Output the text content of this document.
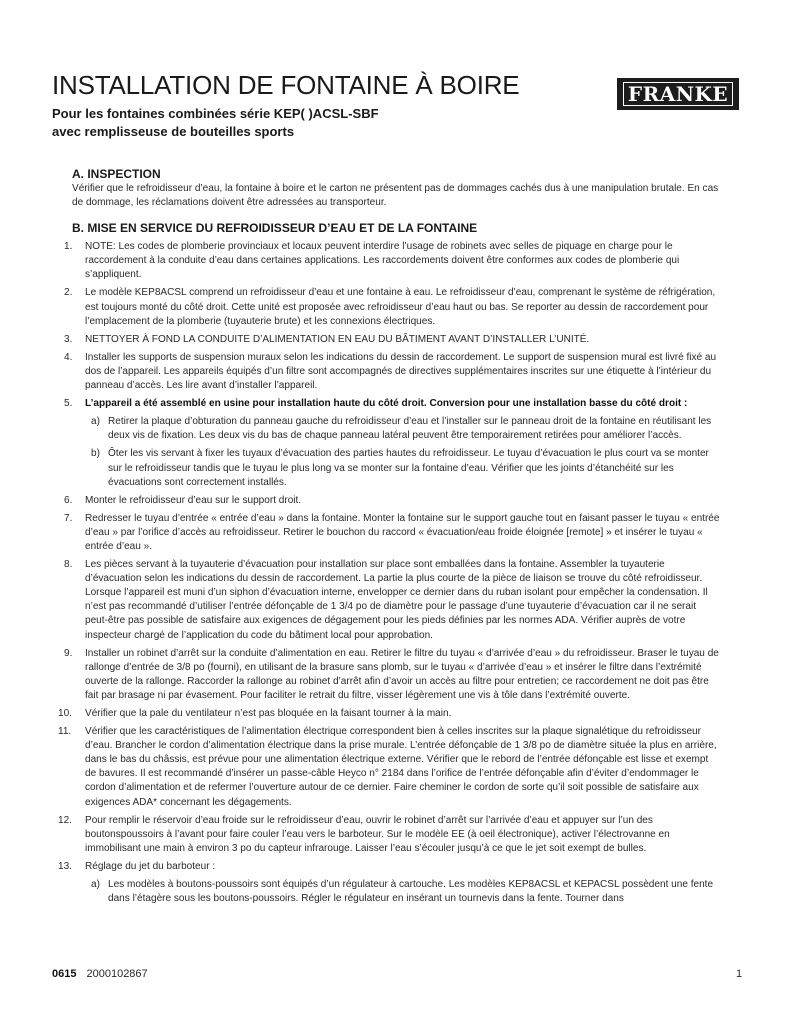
INSTALLATION DE FONTAINE À BOIRE
Pour les fontaines combinées série KEP( )ACSL-SBF
avec remplisseuse de bouteilles sports
FRANKE
A. INSPECTION

Vérifier que le refroidisseur d’eau, la fontaine à boire et le carton ne présentent pas de dommages cachés dus à une manipulation brutale. En cas de dommage, les réclamations doivent être adressées au transporteur.

B. MISE EN SERVICE DU REFROIDISSEUR D’EAU ET DE LA FONTAINE
1.	NOTE: Les codes de plomberie provinciaux et locaux peuvent interdire l’usage de robinets avec selles de piquage en charge pour le raccordement à la conduite d’eau dans certaines applications. Les raccordements doivent être conformes aux codes de plomberie qui s’appliquent.
2.	Le modèle KEP8ACSL comprend un refroidisseur d’eau et une fontaine à eau. Le refroidisseur d’eau, comprenant le système de réfrigération, est toujours monté du côté droit. Cette unité est proposée avec refroidisseur d’eau haut ou bas. Se reporter au dessin de raccordement pour l’emplacement de la plomberie (tuyauterie brute) et les connexions électriques.
3.	NETTOYER À FOND LA CONDUITE D’ALIMENTATION EN EAU DU BÂTIMENT AVANT D’INSTALLER L’UNITÉ.
4.	Installer les supports de suspension muraux selon les indications du dessin de raccordement. Le support de suspension mural est livré fixé au dos de l’appareil. Les appareils équipés d’un filtre sont accompagnés de directives supplémentaires inscrites sur une étiquette à l’intérieur du panneau d’accès. Les lire avant d’installer l’appareil.
5.	L’appareil a été assemblé en usine pour installation haute du côté droit. Conversion pour une installation basse du côté droit :
a) Retirer la plaque d’obturation du panneau gauche du refroidisseur d’eau et l’installer sur le panneau droit de la fontaine en réutilisant les deux vis de fixation. Les deux vis du bas de chaque panneau latéral peuvent être temporairement retirées pour améliorer l’accès.
b) Ôter les vis servant à fixer les tuyaux d’évacuation des parties hautes du refroidisseur. Le tuyau d’évacuation le plus court va se monter sur le refroidisseur tandis que le tuyau le plus long va se monter sur la fontaine d’eau. Vérifier que les joints d’étanchéité sur les évacuations sont correctement installés.
6.	Monter le refroidisseur d’eau sur le support droit.
7.	Redresser le tuyau d’entrée « entrée d’eau » dans la fontaine. Monter la fontaine sur le support gauche tout en faisant passer le tuyau « entrée d’eau » par l’orifice d’accès au refroidisseur. Retirer le bouchon du raccord « évacuation/eau froide éloignée [remote] » et insérer le tuyau « entrée d’eau ».
8.	Les pièces servant à la tuyauterie d’évacuation pour installation sur place sont emballées dans la fontaine. Assembler la tuyauterie d’évacuation selon les indications du dessin de raccordement. La partie la plus courte de la pièce de liaison se trouve du côté refroidisseur. Lorsque l’appareil est muni d’un siphon d’évacuation interne, envelopper ce dernier dans du ruban isolant pour empêcher la condensation. Il n’est pas recommandé d’utiliser l’entrée défonçable de 1 3/4 po de diamètre pour le passage d’une tuyauterie d’évacuation car il ne serait peut-être pas possible de satisfaire aux exigences de dégagement pour les pieds définies par les normes ADA. Vérifier auprès de votre inspecteur chargé de l’application du code du bâtiment local pour approbation.
9.	Installer un robinet d’arrêt sur la conduite d’alimentation en eau. Retirer le filtre du tuyau « d’arrivée d’eau » du refroidisseur. Braser le tuyau de rallonge d’entrée de 3/8 po (fourni), en utilisant de la brasure sans plomb, sur le tuyau « d’arrivée d’eau » et insérer le filtre dans l’extrémité ouverte de la rallonge. Raccorder la rallonge au robinet d’arrêt afin d’avoir un accès au filtre pour entretien; ce raccordement ne doit pas être fait par brasage ni par évasement. Pour faciliter le retrait du filtre, visser légèrement une vis à tôle dans l’extrémité ouverte.
10.	Vérifier que la pale du ventilateur n’est pas bloquée en la faisant tourner à la main.
11.	Vérifier que les caractéristiques de l’alimentation électrique correspondent bien à celles inscrites sur la plaque signalétique du refroidisseur d’eau. Brancher le cordon d’alimentation électrique dans la prise murale. L’entrée défonçable de 1 3/8 po de diamètre située la plus en arrière, dans le bas du châssis, est prévue pour une alimentation électrique externe. Vérifier que le rebord de l’entrée défonçable est lisse et exempt de bavures. Il est recommandé d’insérer un passe-câble Heyco n° 2184 dans l’orifice de l’entrée défonçable afin d’éviter d’endommager le cordon d’alimentation et de refermer l’ouverture autour de ce dernier. Faire cheminer le cordon de sorte qu’il soit possible de satisfaire aux exigences ADA* concernant les dégagements.
12.	Pour remplir le réservoir d’eau froide sur le refroidisseur d’eau, ouvrir le robinet d’arrêt sur l’arrivée d’eau et appuyer sur l’un des boutonspoussoirs à l’avant pour faire couler l’eau vers le barboteur. Sur le modèle EE (à oeil électronique), activer l’électrovanne en immobilisant une main à environ 3 po du capteur infrarouge. Laisser l’eau s’écouler jusqu’à ce que le jet soit exempt de bulles.
13.	Réglage du jet du barboteur :
a) Les modèles à boutons-poussoirs sont équipés d’un régulateur à cartouche. Les modèles KEP8ACSL et KEPACSL possèdent une fente dans l’étagère sous les boutons-poussoirs. Régler le régulateur en insérant un tournevis dans la fente. Tourner dans
0615 2000102867	1
